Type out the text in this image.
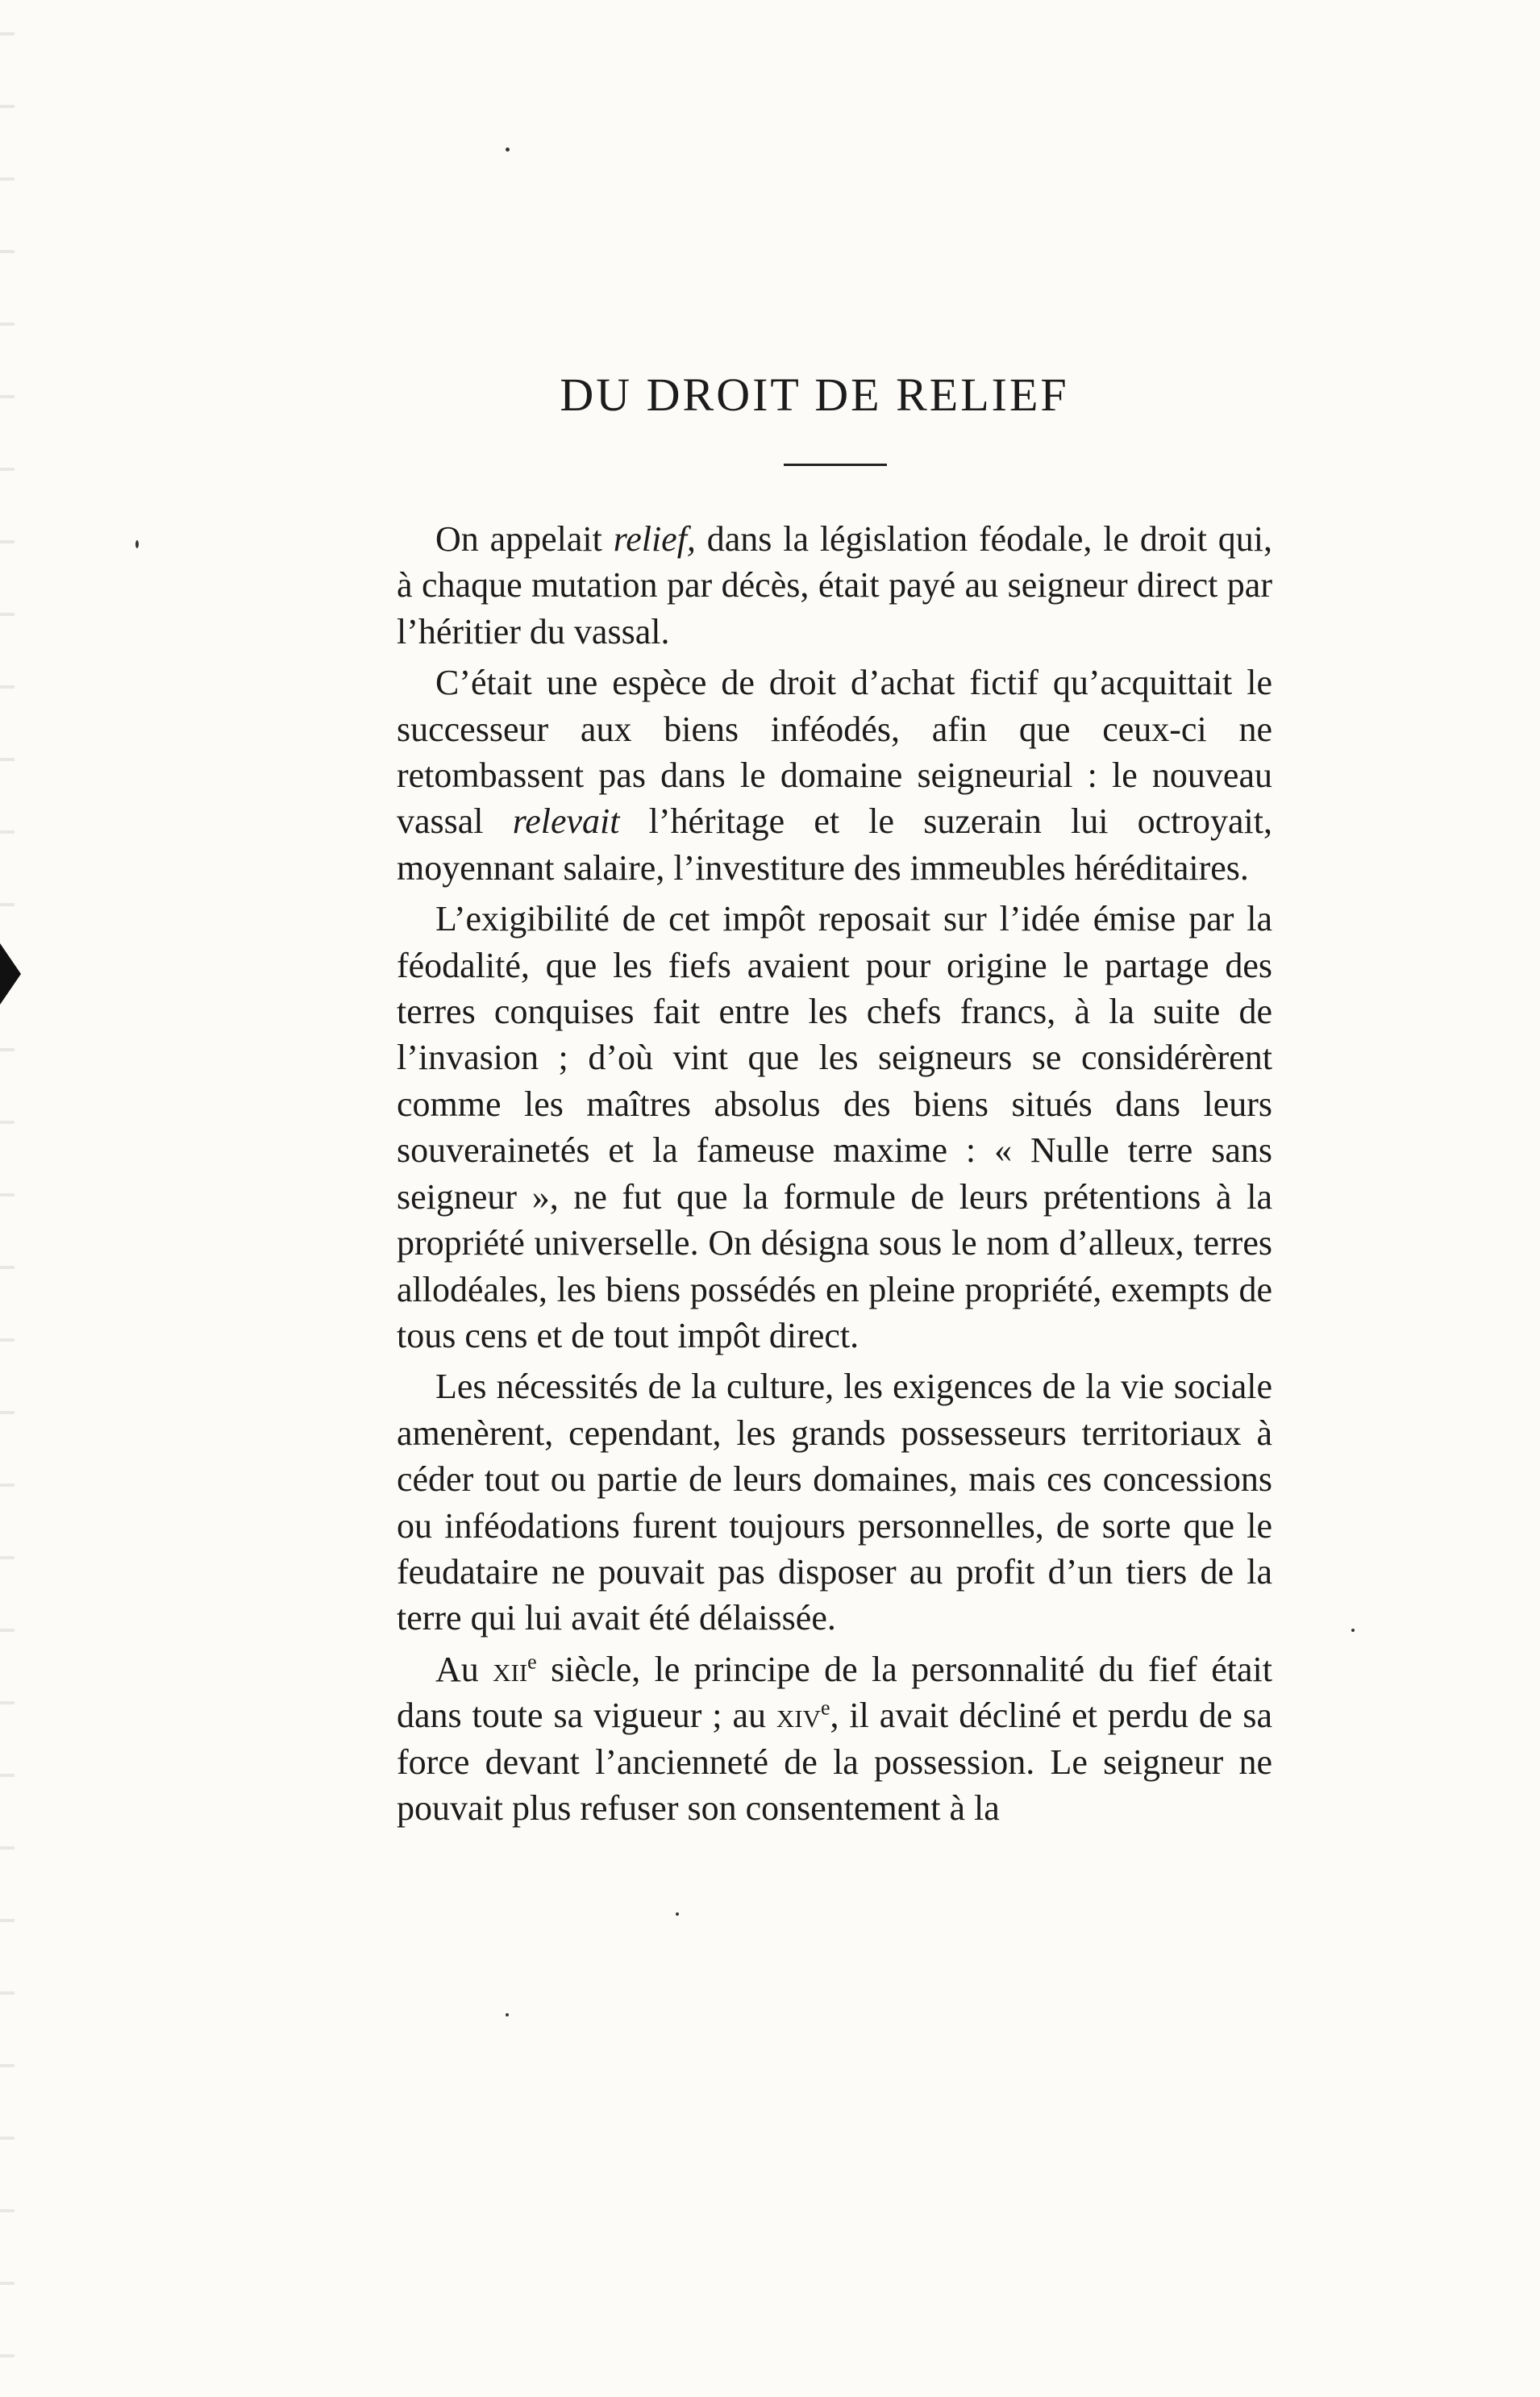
DU DROIT DE RELIEF

On appelait relief, dans la législation féodale, le droit qui, à chaque mutation par décès, était payé au seigneur direct par l’héritier du vassal.

C’était une espèce de droit d’achat fictif qu’acquittait le successeur aux biens inféodés, afin que ceux-ci ne retombassent pas dans le domaine seigneurial : le nouveau vassal relevait l’héritage et le suzerain lui octroyait, moyennant salaire, l’investiture des immeubles héréditaires.

L’exigibilité de cet impôt reposait sur l’idée émise par la féodalité, que les fiefs avaient pour origine le partage des terres conquises fait entre les chefs francs, à la suite de l’invasion ; d’où vint que les seigneurs se considérèrent comme les maîtres absolus des biens situés dans leurs souverainetés et la fameuse maxime : « Nulle terre sans seigneur », ne fut que la formule de leurs prétentions à la propriété universelle. On désigna sous le nom d’alleux, terres allodéales, les biens possédés en pleine propriété, exempts de tous cens et de tout impôt direct.

Les nécessités de la culture, les exigences de la vie sociale amenèrent, cependant, les grands possesseurs territoriaux à céder tout ou partie de leurs domaines, mais ces concessions ou inféodations furent toujours personnelles, de sorte que le feudataire ne pouvait pas disposer au profit d’un tiers de la terre qui lui avait été délaissée.

Au xii$^e$ siècle, le principe de la personnalité du fief était dans toute sa vigueur ; au xiv$^e$, il avait décliné et perdu de sa force devant l’ancienneté de la possession. Le seigneur ne pouvait plus refuser son consentement à la
